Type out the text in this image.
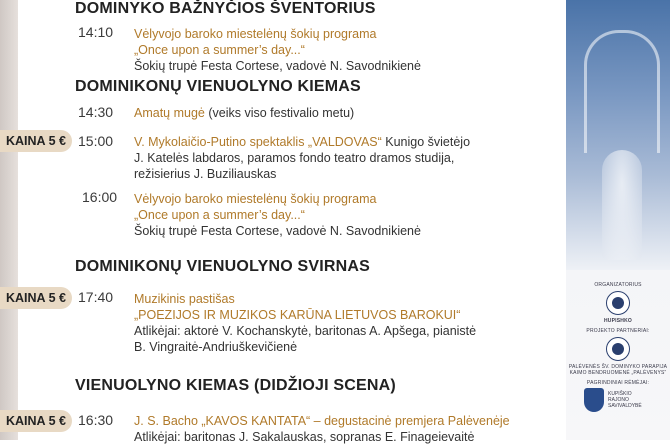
DOMINYKO BAŽNYČIOS ŠVENTORIUS
14:10 Vėlyvojo baroko miestelėnų šokių programa
„Once upon a summer’s day...“
Šokių trupė Festa Cortese, vadovė N. Savodnikienė
DOMINIKONŲ VIENUOLYNO KIEMAS
14:30 Amatų mugė (veiks viso festivalio metu)
KAINA 5 € 15:00 V. Mykolaičio-Putino spektaklis „VALDOVAS“ Kunigo švietėjo
J. Katelės labdaros, paramos fondo teatro dramos studija,
režisierius J. Buziliauskas
16:00 Vėlyvojo baroko miestelėnų šokių programa
„Once upon a summer’s day...“
Šokių trupė Festa Cortese, vadovė N. Savodnikienė
DOMINIKONŲ VIENUOLYNO SVIRNAS
KAINA 5 € 17:40 Muzikinis pastišas
„POEZIJOS IR MUZIKOS KARŪNA LIETUVOS BAROKUI“
Atlikėjai: aktorė V. Kochanskytė, baritonas A. Apšega, pianistė
B. Vingraitė-Andriuškevičienė
VIENUOLYNO KIEMAS (DIDŽIOJI SCENA)
KAINA 5 € 16:30 J. S. Bacho „KAVOS KANTATA“ – degustacinė premjera Palėvenėje
Atlikėjai: baritonas J. Sakalauskas, sopranas E. Finageievaitė
ORGANIZATORIUS
HUPISHKO
PROJEKTO PARTNERIAI:
PALĖVENĖS ŠV. DOMINYKO PARAPIJA
KAIMO BENDRUOMENĖ „PALĖVENYS“
PAGRINDINIAI RĖMĖJAI:
KUPIŠKIO RAJONO SAVIVALDYBĖ
